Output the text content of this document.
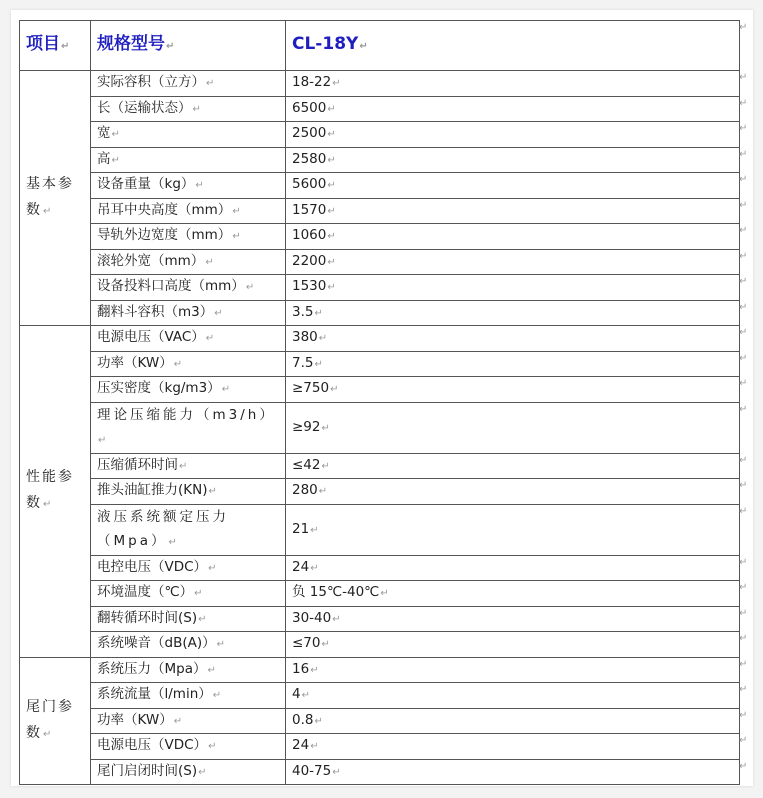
项目↵	规格型号↵	CL-18Y↵
基本参数↵	实际容积（立方）↵	18-22↵
	长（运输状态）↵	6500↵
	宽↵	2500↵
	高↵	2580↵
	设备重量（kg）↵	5600↵
	吊耳中央高度（mm）↵	1570↵
	导轨外边宽度（mm）↵	1060↵
	滚轮外宽（mm）↵	2200↵
	设备投料口高度（mm）↵	1530↵
	翻料斗容积（m3）↵	3.5↵
性能参数↵	电源电压（VAC）↵	380↵
	功率（KW）↵	7.5↵
	压实密度（kg/m3）↵	≥750↵
	理论压缩能力（m3/h）↵	≥92↵
	压缩循环时间↵	≤42↵
	推头油缸推力(KN)↵	280↵
	液压系统额定压力（Mpa）↵	21↵
	电控电压（VDC）↵	24↵
	环境温度（℃）↵	负 15℃-40℃↵
	翻转循环时间(S)↵	30-40↵
	系统噪音（dB(A)）↵	≤70↵
尾门参数↵	系统压力（Mpa）↵	16↵
	系统流量（l/min）↵	4↵
	功率（KW）↵	0.8↵
	电源电压（VDC）↵	24↵
	尾门启闭时间(S)↵	40-75↵
↵
↵
↵
↵
↵
↵
↵
↵
↵
↵
↵
↵
↵
↵
↵
↵
↵
↵
↵
↵
↵
↵
↵
↵
↵
↵
↵
